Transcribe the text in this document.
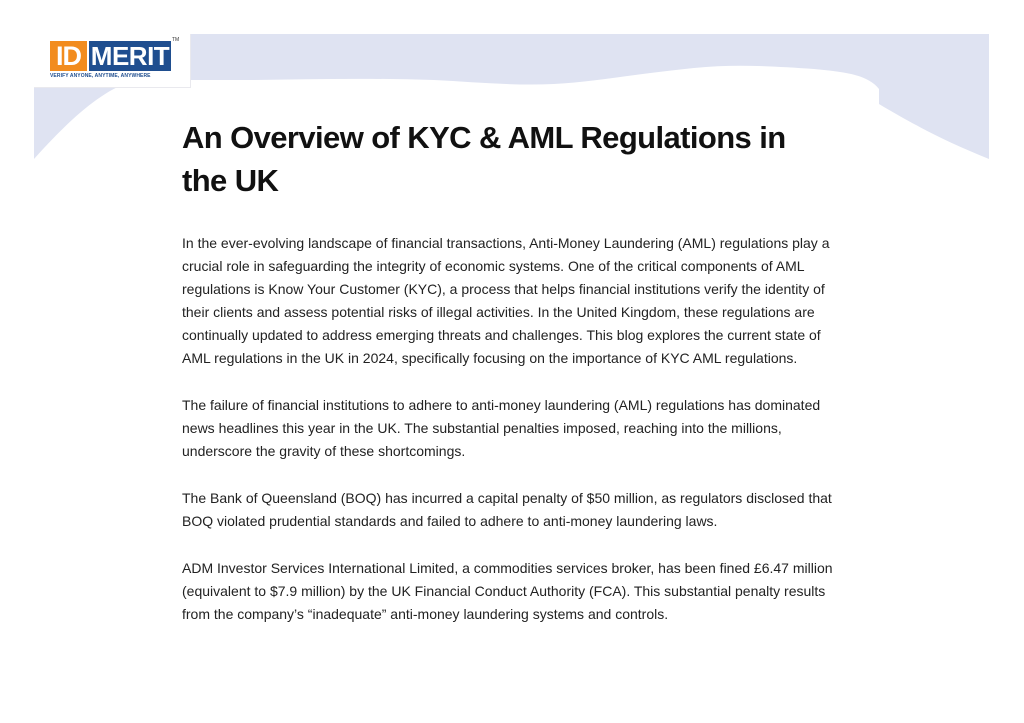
ID MERIT
TM
VERIFY ANYONE, ANYTIME, ANYWHERE
An Overview of KYC & AML Regulations in the UK

In the ever-evolving landscape of financial transactions, Anti-Money Laundering (AML) regulations play a crucial role in safeguarding the integrity of economic systems. One of the critical components of AML regulations is Know Your Customer (KYC), a process that helps financial institutions verify the identity of their clients and assess potential risks of illegal activities. In the United Kingdom, these regulations are continually updated to address emerging threats and challenges. This blog explores the current state of AML regulations in the UK in 2024, specifically focusing on the importance of KYC AML regulations.

The failure of financial institutions to adhere to anti-money laundering (AML) regulations has dominated news headlines this year in the UK. The substantial penalties imposed, reaching into the millions, underscore the gravity of these shortcomings.

The Bank of Queensland (BOQ) has incurred a capital penalty of $50 million, as regulators disclosed that BOQ violated prudential standards and failed to adhere to anti-money laundering laws.

ADM Investor Services International Limited, a commodities services broker, has been fined £6.47 million (equivalent to $7.9 million) by the UK Financial Conduct Authority (FCA). This substantial penalty results from the company’s “inadequate” anti-money laundering systems and controls.
